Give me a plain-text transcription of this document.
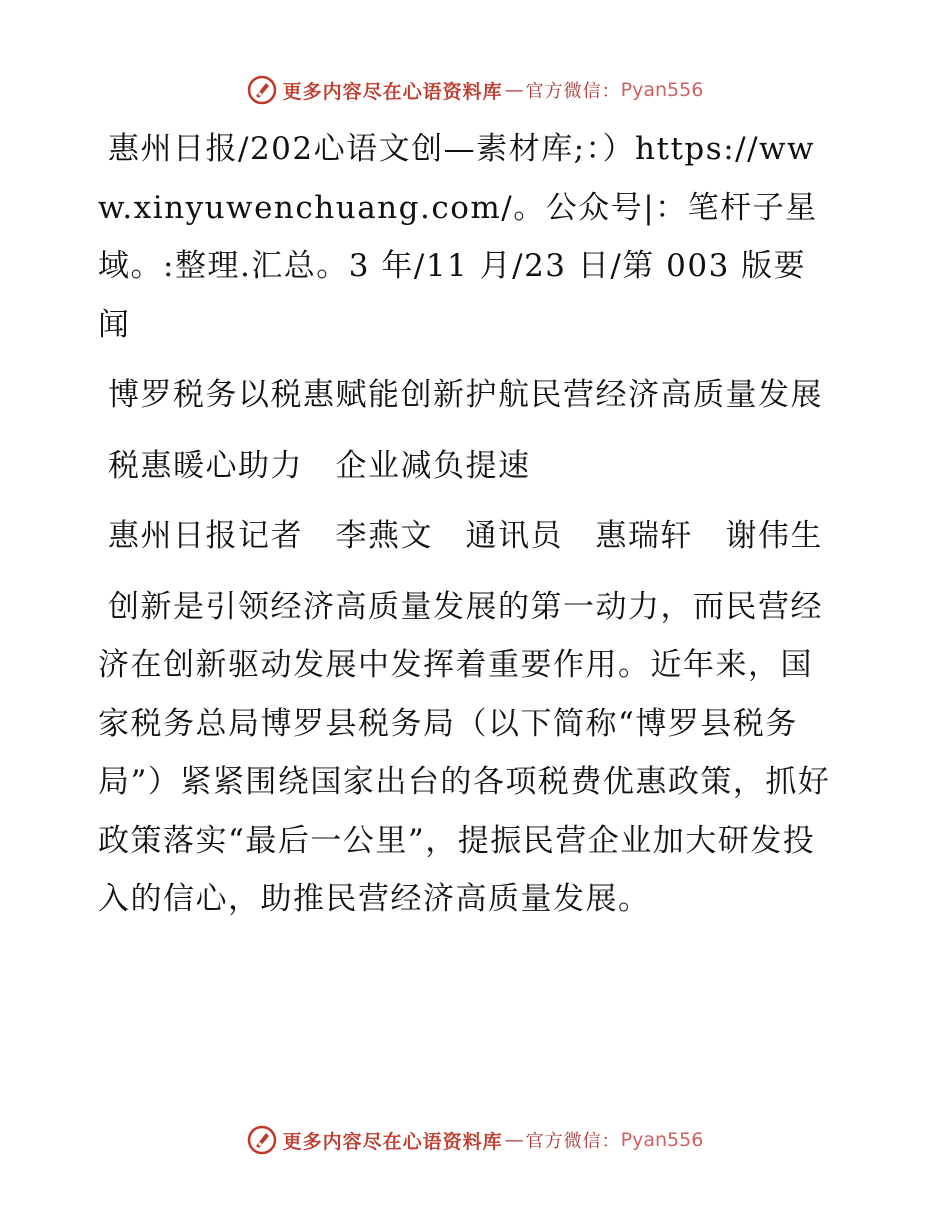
更多内容尽在心语资料库 — 官方微信： Pyan556

惠州日报/202心语文创—素材库;：）https://www.xinyuwenchuang.com/。公众号|：笔杆子星域。:整理.汇总。3 年/11 月/23 日/第 003 版要闻

博罗税务以税惠赋能创新护航民营经济高质量发展

税惠暖心助力　企业减负提速

惠州日报记者　李燕文　通讯员　惠瑞轩　谢伟生

创新是引领经济高质量发展的第一动力，而民营经济在创新驱动发展中发挥着重要作用。近年来，国家税务总局博罗县税务局（以下简称“博罗县税务局”）紧紧围绕国家出台的各项税费优惠政策，抓好政策落实“最后一公里”，提振民营企业加大研发投入的信心，助推民营经济高质量发展。

更多内容尽在心语资料库 — 官方微信： Pyan556
